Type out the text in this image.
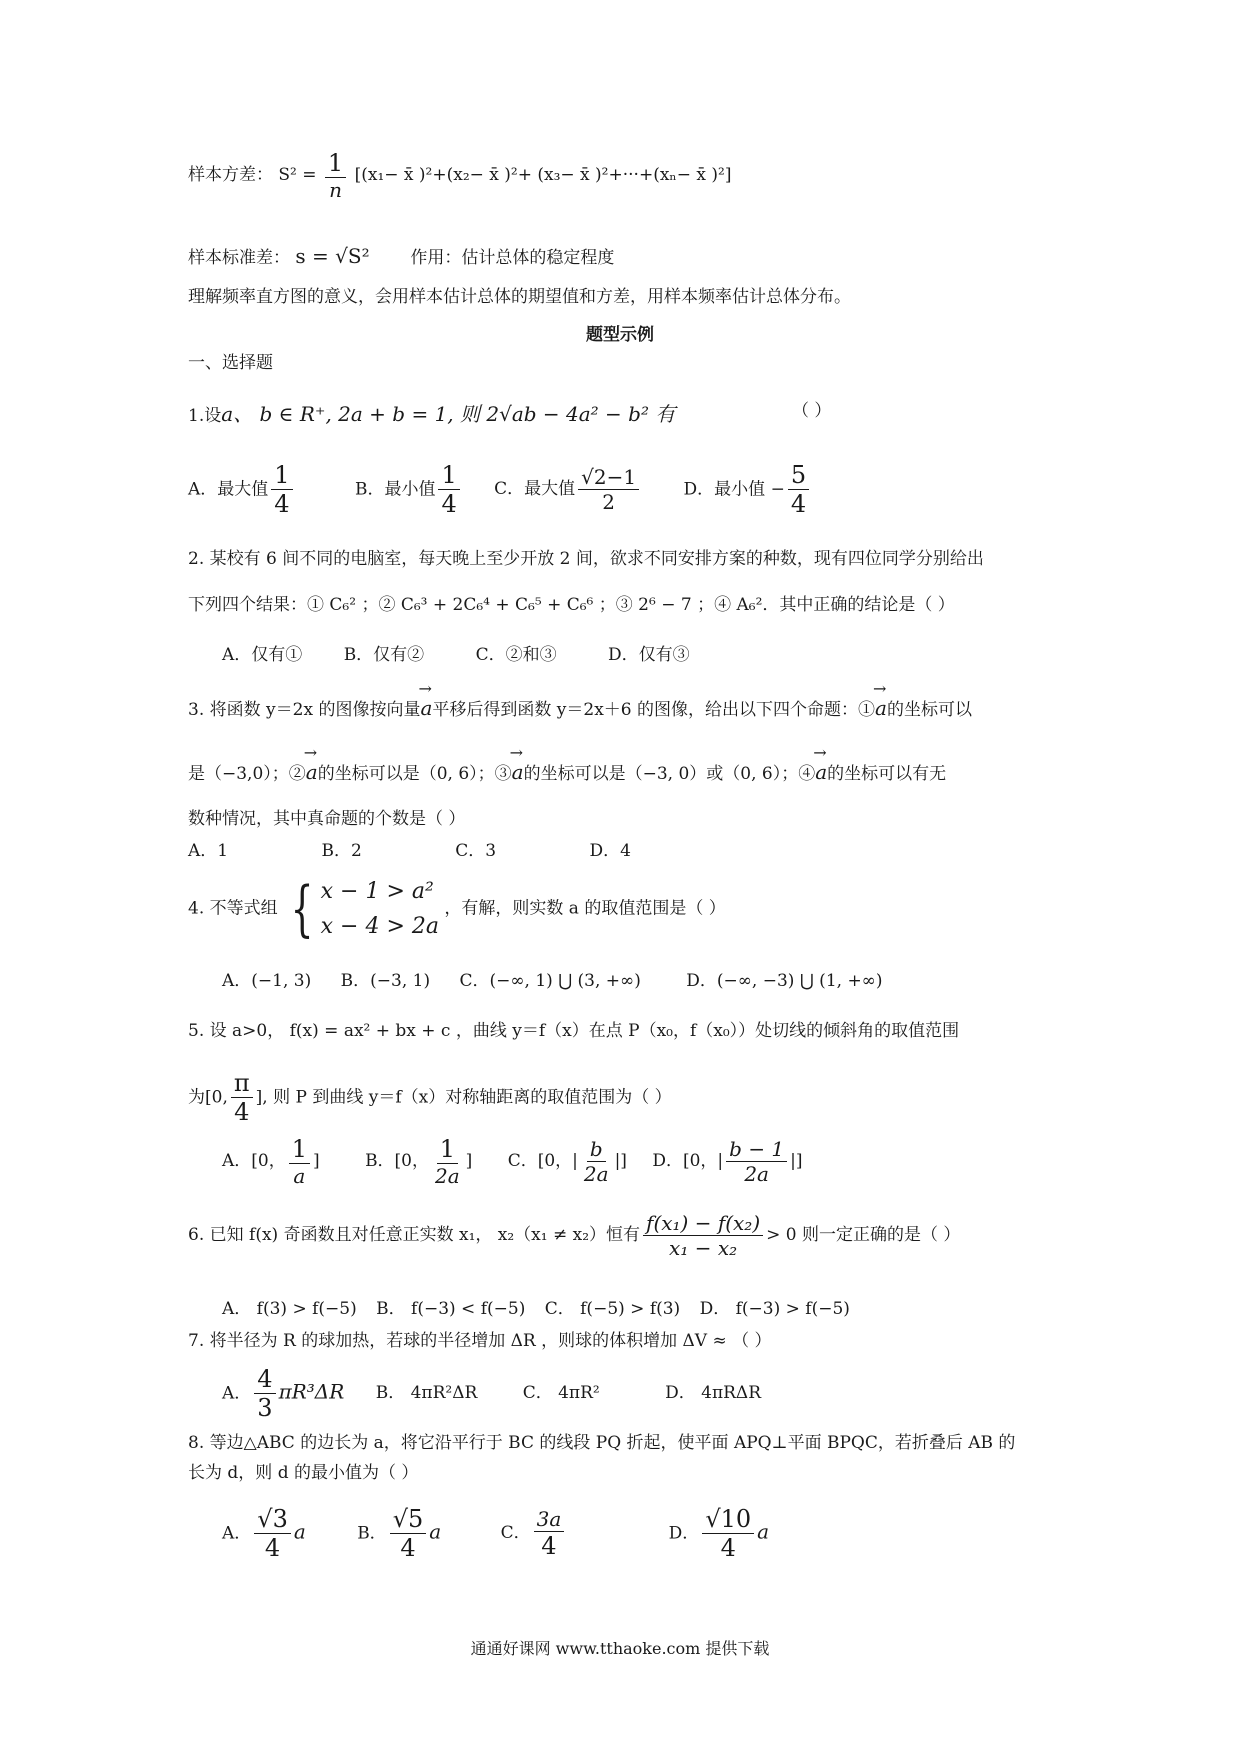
样本方差： $S^2 = \frac{1}{n} [(x_1-$ x̄ )²+(x₂− x̄ )²+ (x₃− x̄ )²+···+(xₙ− x̄ )²]
样本标准差： s = √S² 作用：估计总体的稳定程度
理解频率直方图的意义，会用样本估计总体的期望值和方差，用样本频率估计总体分布。
题型示例
一、选择题
1.设a、 b ∈ R⁺, 2a + b = 1, 则 2√ab − 4a² − b² 有	（ ）
A．最大值 $\frac{1}{4}$	B．最小值 $\frac{1}{4}$ C．最大值 $\frac{√2-1}{2}$	D．最小值 − $\frac{5}{4}$
2. 某校有 6 间不同的电脑室，每天晚上至少开放 2 间，欲求不同安排方案的种数，现有四位同学分别给出
下列四个结果：① C₆² ；② C₆³ + 2C₆⁴ + C₆⁵ + C₆⁶ ；③ 2⁶ − 7 ；④ A₆²．其中正确的结论是（ ）
A．仅有① B．仅有②	C．②和③	D．仅有③
3. 将函数 y＝2x 的图像按向量→ a平移后得到函数 y＝2x＋6 的图像，给出以下四个命题：①→ a的坐标可以
是（−3,0）；②→ a的坐标可以是（0, 6）；③→ a的坐标可以是（−3, 0）或（0, 6）；④→ a的坐标可以有无
数种情况，其中真命题的个数是（ ）
A．1	B．2	C．3	D．4
4. 不等式组 { x − 1 > a²
x − 4 > 2a ，有解，则实数 a 的取值范围是（ ）
A．(−1, 3) B．(−3, 1) C．(−∞, 1) ⋃ (3, +∞)	D．(−∞, −3) ⋃ (1, +∞)
5. 设 a>0， f(x) = ax² + bx + c ，曲线 y＝f（x）在点 P（x₀，f（x₀））处切线的倾斜角的取值范围
为[0, $\frac{\pi}{4}$ ], 则 P 到曲线 y＝f（x）对称轴距离的取值范围为（ ）
A．[0， $\frac{1}{a}$ ]	B．[0， $\frac{1}{2a}$ ] C．[0，| $\frac{b}{2a}$ |] D．[0，| $\frac{b - 1}{2a}$ |]
6. 已知 f(x) 奇函数且对任意正实数 x₁， x₂（x₁ ≠ x₂）恒有 $\frac{\text{f(x₁) − f(x₂)}}{\text{x₁ − x₂}} > 0$ 则一定正确的是（ ）
A． f(3) > f(−5) B． f(−3) < f(−5) C． f(−5) > f(3) D． f(−3) > f(−5)
7. 将半径为 R 的球加热，若球的半径增加 ΔR ，则球的体积增加 ΔV ≈ （ ）
A． $\frac{4}{3} \pi R^3\Delta R$ B． 4πR²ΔR	C． 4πR²	D． 4πRΔR
8. 等边△ABC 的边长为 a，将它沿平行于 BC 的线段 PQ 折起，使平面 APQ⊥平面 BPQC，若折叠后 AB 的
长为 d，则 d 的最小值为（ ）
A． $\frac{√3}{4}$ a	B． $\frac{√5}{4}$ a	C． $\frac{3a}{4}$	D． $\frac{√10}{4}$ a
通通好课网 www.tthaoke.com 提供下载
